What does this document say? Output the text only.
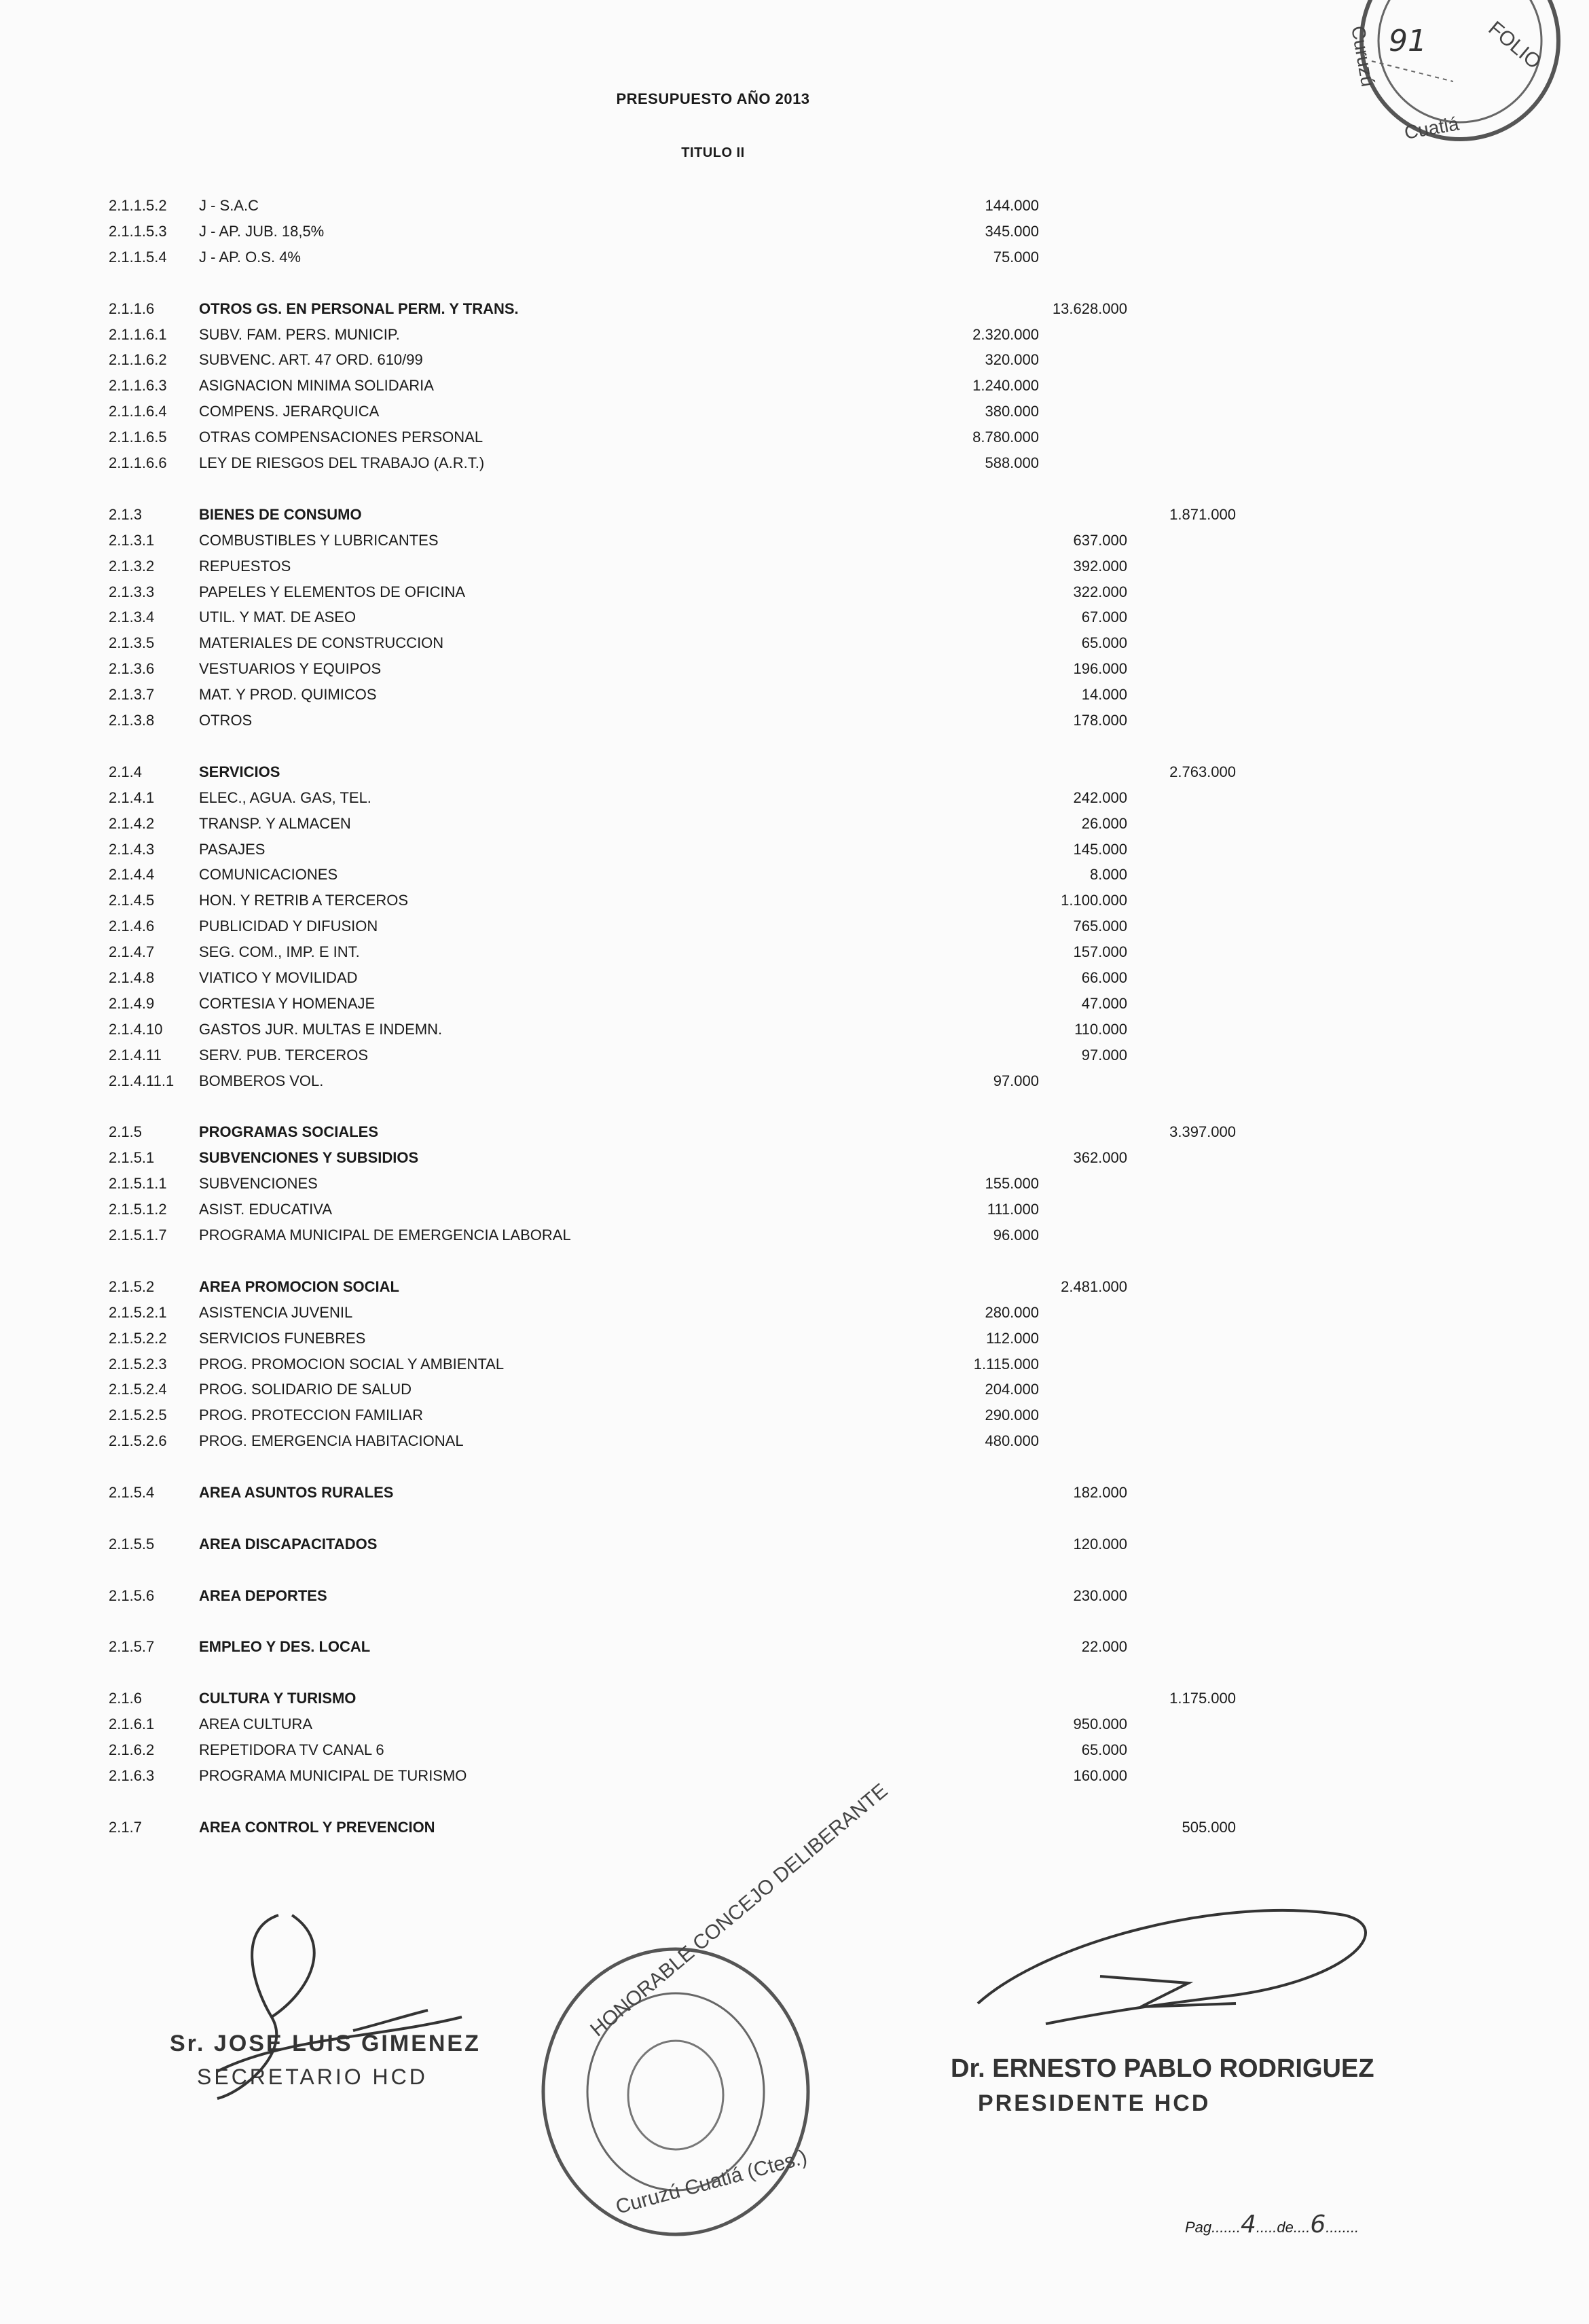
Curuzú
Cuatiá
FOLIO
91
PRESUPUESTO AÑO 2013
TITULO II
2.1.1.5.2 J - S.A.C	144.000
2.1.1.5.3 J - AP. JUB. 18,5%	345.000
2.1.1.5.4 J - AP. O.S. 4%	75.000
2.1.1.6	OTROS GS. EN PERSONAL PERM. Y TRANS.	13.628.000
2.1.1.6.1 SUBV. FAM. PERS. MUNICIP.	2.320.000
2.1.1.6.2 SUBVENC. ART. 47 ORD. 610/99	320.000
2.1.1.6.3 ASIGNACION MINIMA SOLIDARIA	1.240.000
2.1.1.6.4 COMPENS. JERARQUICA	380.000
2.1.1.6.5 OTRAS COMPENSACIONES PERSONAL	8.780.000
2.1.1.6.6 LEY DE RIESGOS DEL TRABAJO (A.R.T.)	588.000
2.1.3	BIENES DE CONSUMO	1.871.000
2.1.3.1	COMBUSTIBLES Y LUBRICANTES	637.000
2.1.3.2	REPUESTOS	392.000
2.1.3.3	PAPELES Y ELEMENTOS DE OFICINA	322.000
2.1.3.4	UTIL. Y MAT. DE ASEO	67.000
2.1.3.5	MATERIALES DE CONSTRUCCION	65.000
2.1.3.6	VESTUARIOS Y EQUIPOS	196.000
2.1.3.7	MAT. Y PROD. QUIMICOS	14.000
2.1.3.8	OTROS	178.000
2.1.4	SERVICIOS	2.763.000
2.1.4.1	ELEC., AGUA. GAS, TEL.	242.000
2.1.4.2	TRANSP. Y ALMACEN	26.000
2.1.4.3	PASAJES	145.000
2.1.4.4	COMUNICACIONES	8.000
2.1.4.5	HON. Y RETRIB A TERCEROS	1.100.000
2.1.4.6	PUBLICIDAD Y DIFUSION	765.000
2.1.4.7	SEG. COM., IMP. E INT.	157.000
2.1.4.8	VIATICO Y MOVILIDAD	66.000
2.1.4.9	CORTESIA Y HOMENAJE	47.000
2.1.4.10 GASTOS JUR. MULTAS E INDEMN.	110.000
2.1.4.11	SERV. PUB. TERCEROS	97.000
2.1.4.11.1 BOMBEROS VOL.	97.000
2.1.5	PROGRAMAS SOCIALES	3.397.000
2.1.5.1	SUBVENCIONES Y SUBSIDIOS	362.000
2.1.5.1.1 SUBVENCIONES	155.000
2.1.5.1.2 ASIST. EDUCATIVA	111.000
2.1.5.1.7 PROGRAMA MUNICIPAL DE EMERGENCIA LABORAL	96.000
2.1.5.2	AREA PROMOCION SOCIAL	2.481.000
2.1.5.2.1 ASISTENCIA JUVENIL	280.000
2.1.5.2.2 SERVICIOS FUNEBRES	112.000
2.1.5.2.3 PROG. PROMOCION SOCIAL Y AMBIENTAL	1.115.000
2.1.5.2.4 PROG. SOLIDARIO DE SALUD	204.000
2.1.5.2.5 PROG. PROTECCION FAMILIAR	290.000
2.1.5.2.6 PROG. EMERGENCIA HABITACIONAL	480.000
2.1.5.4	AREA ASUNTOS RURALES	182.000
2.1.5.5	AREA DISCAPACITADOS	120.000
2.1.5.6	AREA DEPORTES	230.000
2.1.5.7	EMPLEO Y DES. LOCAL	22.000
2.1.6	CULTURA Y TURISMO	1.175.000
2.1.6.1	AREA CULTURA	950.000
2.1.6.2	REPETIDORA TV CANAL 6	65.000
2.1.6.3	PROGRAMA MUNICIPAL DE TURISMO	160.000
2.1.7	AREA CONTROL Y PREVENCION	505.000
Sr. JOSE LUIS GIMENEZ
SECRETARIO HCD
HONORABLE CONCEJO DELIBERANTE
Curuzú Cuatiá (Ctes.)
Dr. ERNESTO PABLO RODRIGUEZ
PRESIDENTE HCD
Pag.......4.....de....6........
